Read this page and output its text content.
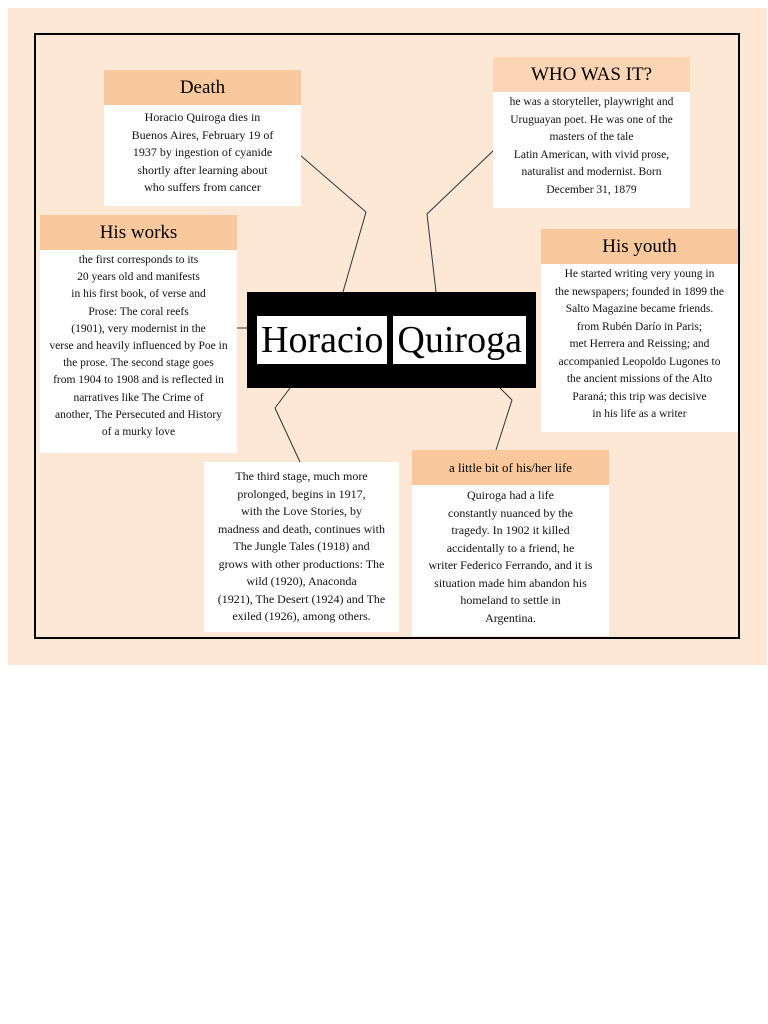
Death
Horacio Quiroga dies in
Buenos Aires, February 19 of
1937 by ingestion of cyanide
shortly after learning about
who suffers from cancer
WHO WAS IT?
he was a storyteller, playwright and
Uruguayan poet. He was one of the
masters of the tale
Latin American, with vivid prose,
naturalist and modernist. Born
December 31, 1879
His works
the first corresponds to its
20 years old and manifests
in his first book, of verse and
Prose: The coral reefs
(1901), very modernist in the
verse and heavily influenced by Poe in
the prose. The second stage goes
from 1904 to 1908 and is reflected in
narratives like The Crime of
another, The Persecuted and History
of a murky love
His youth
He started writing very young in
the newspapers; founded in 1899 the
Salto Magazine became friends.
from Rubén Darío in Paris;
met Herrera and Reissing; and
accompanied Leopoldo Lugones to
the ancient missions of the Alto
Paraná; this trip was decisive
in his life as a writer
Horacio Quiroga
The third stage, much more
prolonged, begins in 1917,
with the Love Stories, by
madness and death, continues with
The Jungle Tales (1918) and
grows with other productions: The
wild (1920), Anaconda
(1921), The Desert (1924) and The
exiled (1926), among others.
a little bit of his/her life
Quiroga had a life
constantly nuanced by the
tragedy. In 1902 it killed
accidentally to a friend, he
writer Federico Ferrando, and it is
situation made him abandon his
homeland to settle in
Argentina.
